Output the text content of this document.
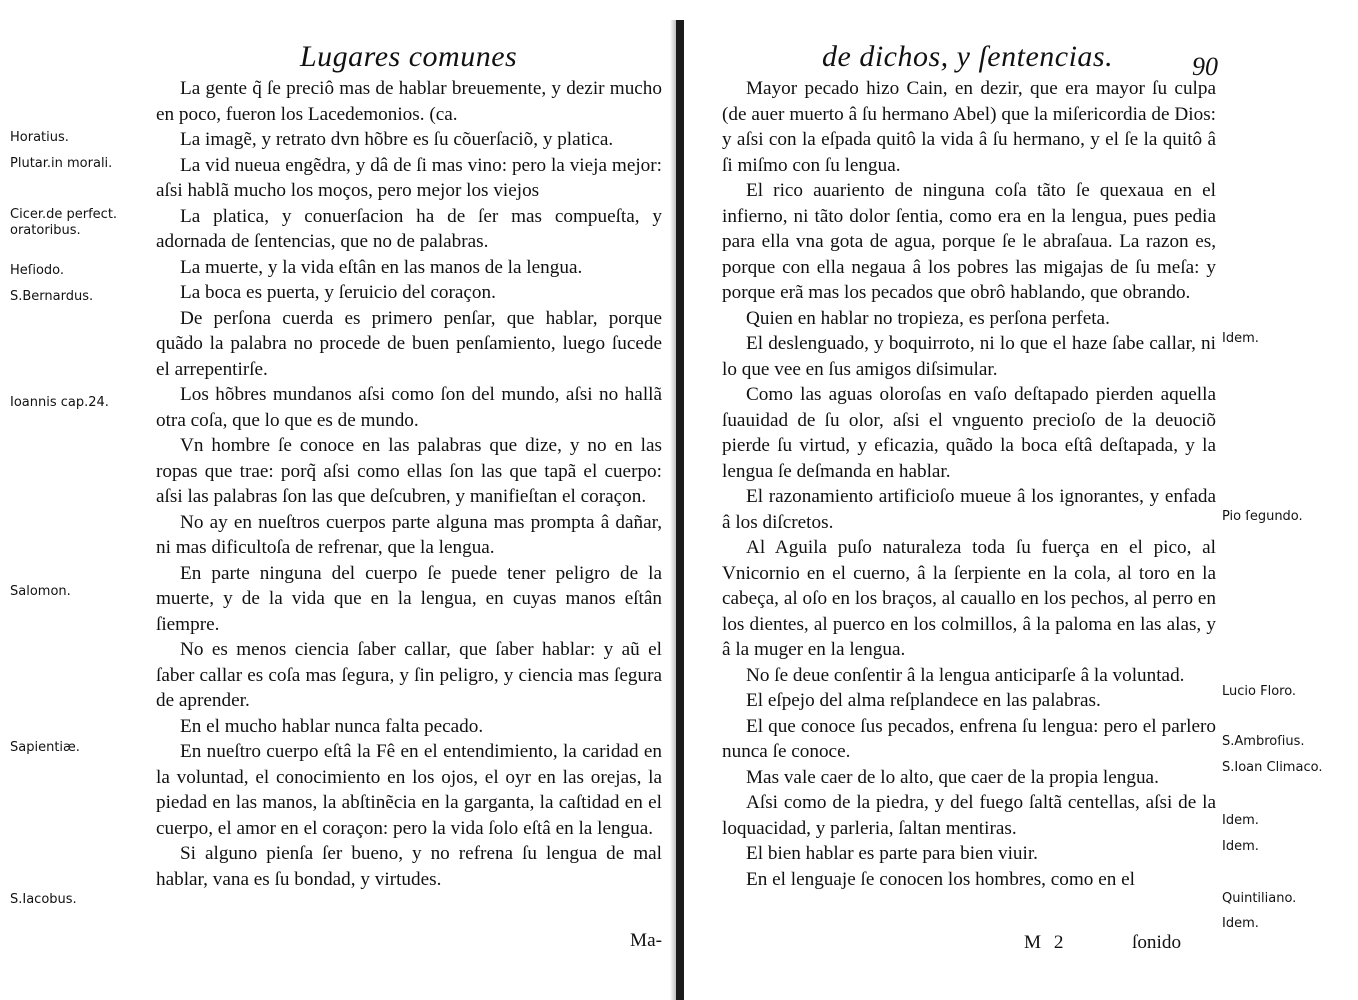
Lugares comunes
Horatius.
Plutar.in morali.
Cicer.de perfect.
oratoribus.
Heſiodo.
S.Bernardus.
Ioannis cap.24.
Salomon.
Sapientiæ.
S.Iacobus.

La gente q̃ ſe preciô mas de hablar breuemente, y dezir mucho en poco, fueron los Lacedemonios. (ca.

La imagẽ, y retrato dvn hõbre es ſu cõuerſaciõ, y platica.

La vid nueua engẽdra, y dâ de ſi mas vino: pero la vieja mejor: aſsi hablã mucho los moços, pero mejor los viejos

La platica, y conuerſacion ha de ſer mas compueſta, y adornada de ſentencias, que no de palabras.

La muerte, y la vida eſtân en las manos de la lengua.

La boca es puerta, y ſeruicio del coraçon.

De perſona cuerda es primero penſar, que hablar, porque quãdo la palabra no procede de buen penſamiento, luego ſucede el arrepentirſe.

Los hõbres mundanos aſsi como ſon del mundo, aſsi no hallã otra coſa, que lo que es de mundo.

Vn hombre ſe conoce en las palabras que dize, y no en las ropas que trae: porq̃ aſsi como ellas ſon las que tapã el cuerpo: aſsi las palabras ſon las que deſcubren, y manifieſtan el coraçon.

No ay en nueſtros cuerpos parte alguna mas prompta â dañar, ni mas dificultoſa de refrenar, que la lengua.

En parte ninguna del cuerpo ſe puede tener peligro de la muerte, y de la vida que en la lengua, en cuyas manos eſtân ſiempre.

No es menos ciencia ſaber callar, que ſaber hablar: y aũ el ſaber callar es coſa mas ſegura, y ſin peligro, y ciencia mas ſegura de aprender.

En el mucho hablar nunca falta pecado.

En nueſtro cuerpo eſtâ la Fê en el entendimiento, la caridad en la voluntad, el conocimiento en los ojos, el oyr en las orejas, la piedad en las manos, la abſtinẽcia en la garganta, la caſtidad en el cuerpo, el amor en el coraçon: pero la vida ſolo eſtâ en la lengua.

Si alguno pienſa ſer bueno, y no refrena ſu lengua de mal hablar, vana es ſu bondad, y virtudes.

Ma-
de dichos, y ſentencias.	90
Idem.
Pio ſegundo.
Lucio Floro.
S.Ambroſius.
S.Ioan Climaco.
Idem.
Idem.
Quintiliano.
Idem.

Mayor pecado hizo Cain, en dezir, que era mayor ſu culpa (de auer muerto â ſu hermano Abel) que la miſericordia de Dios: y aſsi con la eſpada quitô la vida â ſu hermano, y el ſe la quitô â ſi miſmo con ſu lengua.

El rico auariento de ninguna coſa tãto ſe quexaua en el infierno, ni tãto dolor ſentia, como era en la lengua, pues pedia para ella vna gota de agua, porque ſe le abraſaua. La razon es, porque con ella negaua â los pobres las migajas de ſu meſa: y porque erã mas los pecados que obrô hablando, que obrando.

Quien en hablar no tropieza, es perſona perfeta.

El deslenguado, y boquirroto, ni lo que el haze ſabe callar, ni lo que vee en ſus amigos diſsimular.

Como las aguas oloroſas en vaſo deſtapado pierden aquella ſuauidad de ſu olor, aſsi el vnguento precioſo de la deuociõ pierde ſu virtud, y eficazia, quãdo la boca eſtâ deſtapada, y la lengua ſe deſmanda en hablar.

El razonamiento artificioſo mueue â los ignorantes, y enfada â los diſcretos.

Al Aguila puſo naturaleza toda ſu fuerça en el pico, al Vnicornio en el cuerno, â la ſerpiente en la cola, al toro en la cabeça, al oſo en los braços, al cauallo en los pechos, al perro en los dientes, al puerco en los colmillos, â la paloma en las alas, y â la muger en la lengua.

No ſe deue conſentir â la lengua anticiparſe â la voluntad.

El eſpejo del alma reſplandece en las palabras.

El que conoce ſus pecados, enfrena ſu lengua: pero el parlero nunca ſe conoce.

Mas vale caer de lo alto, que caer de la propia lengua.

Aſsi como de la piedra, y del fuego ſaltã centellas, aſsi de la loquacidad, y parleria, ſaltan mentiras.

El bien hablar es parte para bien viuir.

En el lenguaje ſe conocen los hombres, como en el

M 2	ſonido
